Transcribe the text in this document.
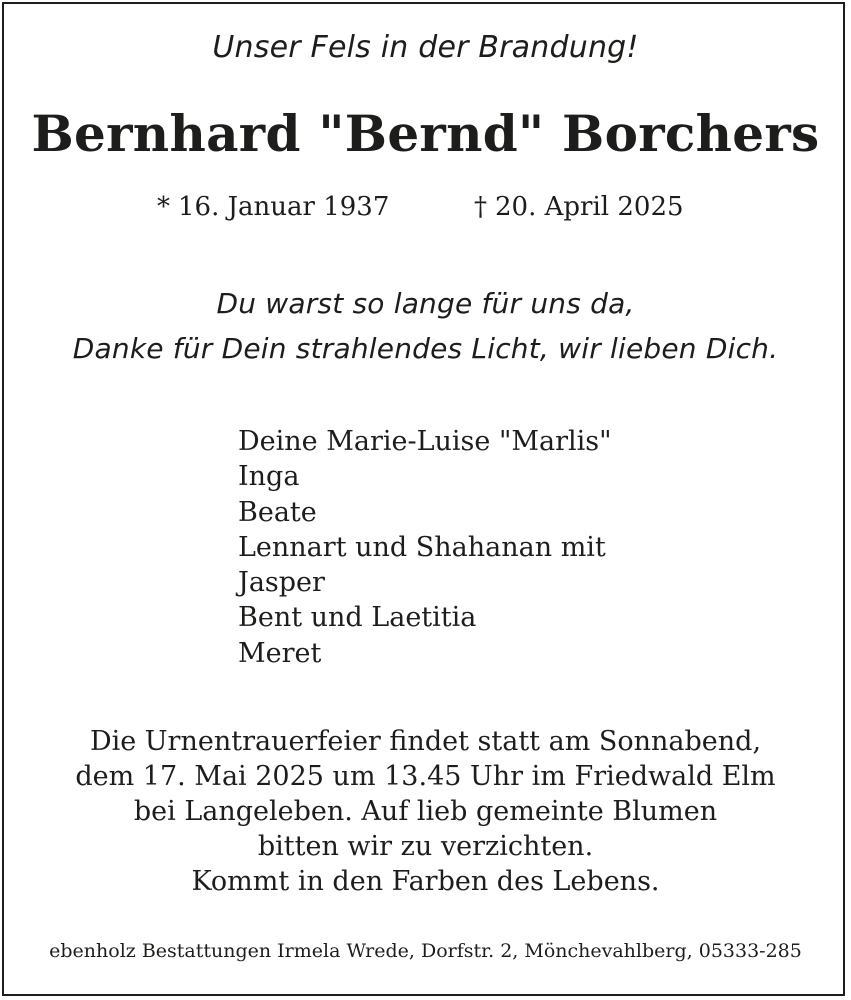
Unser Fels in der Brandung!
Bernhard "Bernd" Borchers
* 16. Januar 1937	† 20. April 2025
Du warst so lange für uns da,
Danke für Dein strahlendes Licht, wir lieben Dich.
Deine Marie-Luise "Marlis"
Inga
Beate
Lennart und Shahanan mit
Jasper
Bent und Laetitia
Meret
Die Urnentrauerfeier findet statt am Sonnabend,
dem 17. Mai 2025 um 13.45 Uhr im Friedwald Elm
bei Langeleben. Auf lieb gemeinte Blumen
bitten wir zu verzichten.
Kommt in den Farben des Lebens.
ebenholz Bestattungen Irmela Wrede, Dorfstr. 2, Mönchevahlberg, 05333-285
